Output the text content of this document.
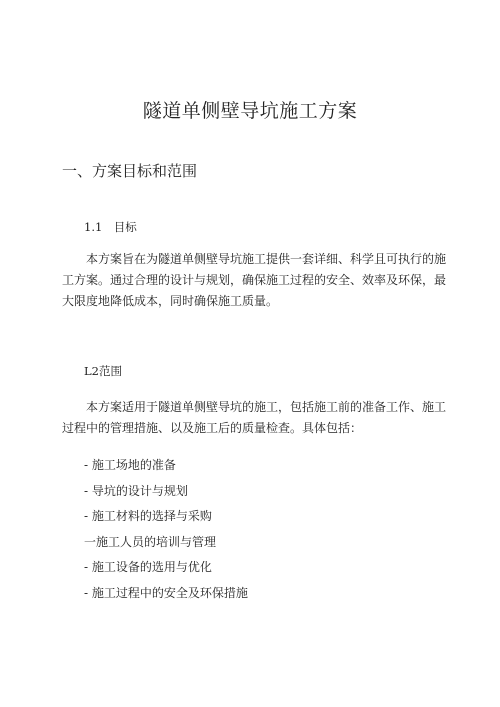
隧道单侧壁导坑施工方案
一、方案目标和范围
1.1　目标

本方案旨在为隧道单侧壁导坑施工提供一套详细、科学且可执行的施工方案。通过合理的设计与规划，确保施工过程的安全、效率及环保，最大限度地降低成本，同时确保施工质量。

L2范围

本方案适用于隧道单侧壁导坑的施工，包括施工前的准备工作、施工过程中的管理措施、以及施工后的质量检查。具体包括：

- 施工场地的准备
- 导坑的设计与规划
- 施工材料的选择与采购
一施工人员的培训与管理
- 施工设备的选用与优化
- 施工过程中的安全及环保措施
